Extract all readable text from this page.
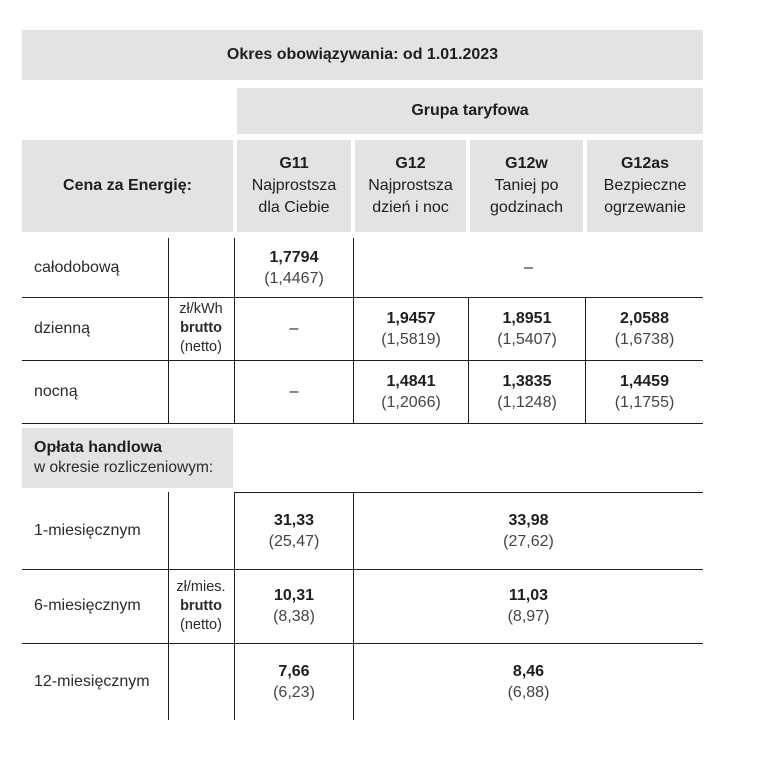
Okres obowiązywania: od 1.01.2023
Grupa taryfowa
Cena za Energię:
G11
Najprostsza
dla Ciebie
G12
Najprostsza
dzień i noc
G12w
Taniej po
godzinach
G12as
Bezpieczne
ogrzewanie
całodobową
dzienną
nocną
zł/kWh
brutto
(netto)
1,7794
(1,4467)
–
–
1,9457
(1,5819)
1,8951
(1,5407)
2,0588
(1,6738)
–
1,4841
(1,2066)
1,3835
(1,1248)
1,4459
(1,1755)
Opłata handlowa
w okresie rozliczeniowym:
1-miesięcznym
6-miesięcznym
12-miesięcznym
zł/mies.
brutto
(netto)
31,33
(25,47)
33,98
(27,62)
10,31
(8,38)
11,03
(8,97)
7,66
(6,23)
8,46
(6,88)
